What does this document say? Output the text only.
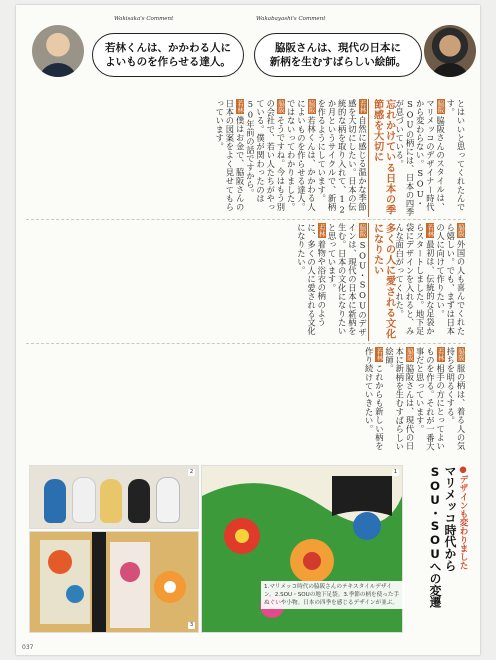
Wakisaka's Comment
若林くんは、かかわる人に
よいものを作らせる達人。
Wakabayashi's Comment
脇阪さんは、現代の日本に
新柄を生むすばらしい絵師。

とはいいと思ってくれたんです。

脇阪脇阪さんのスタイルは、マリメッコのデザイナー時代から変わらない。SOU・SOUの柄には、日本の四季が息づいている。

忘れかけている日本の季節感を大切に

若林自然に感じる温かな季節感を大切にしたい。日本の伝統的な柄を取り入れて、12か月というサイクルで、新柄を作るようにしています。

脇阪若林くんは、かかわる人によいものを作らせる達人。

ではないってわかりました。

脇阪そうですね。今はもう別の会社で、若い人たちがやっている。僕が関わったのは50年前の話ですから。

若林僕はお金で、脇阪さんの日本の図案をよく見せてもらっています。

脇阪外国の人も喜んでくれたら嬉しい。でも、まずは日本の人に向けて作りたい。

若林最初は、伝統的な足袋からスタートしました。地下足袋にデザインを入れると、みんな面白がってくれた。

多くの人に愛される文化になりたい

脇阪SOU・SOUのデザインは、現代の日本に新柄を生む。日本の文化になりたいと思っています。

若林着物や浴衣の柄のように、多くの人に愛される文化になりたい。

脇阪服の柄は、着る人の気持ちを明るくする。

若林相手の方にとってよいものを作る。それが一番大事だと思っています。

脇阪脇阪さんは、現代の日本に新柄を生むすばらしい絵師。

若林これからも新しい柄を作り続けていきたい。

2
3
1
1.マリメッコ時代の脇阪さんのテキスタイルデザイン。2.SOU・SOUの地下足袋。3.季節の柄を使った手ぬぐいや小物。日本の四季を感じるデザインが並ぶ。
●デザインも変わりました
マリメッコ時代から
SOU・SOUへの変遷
037
